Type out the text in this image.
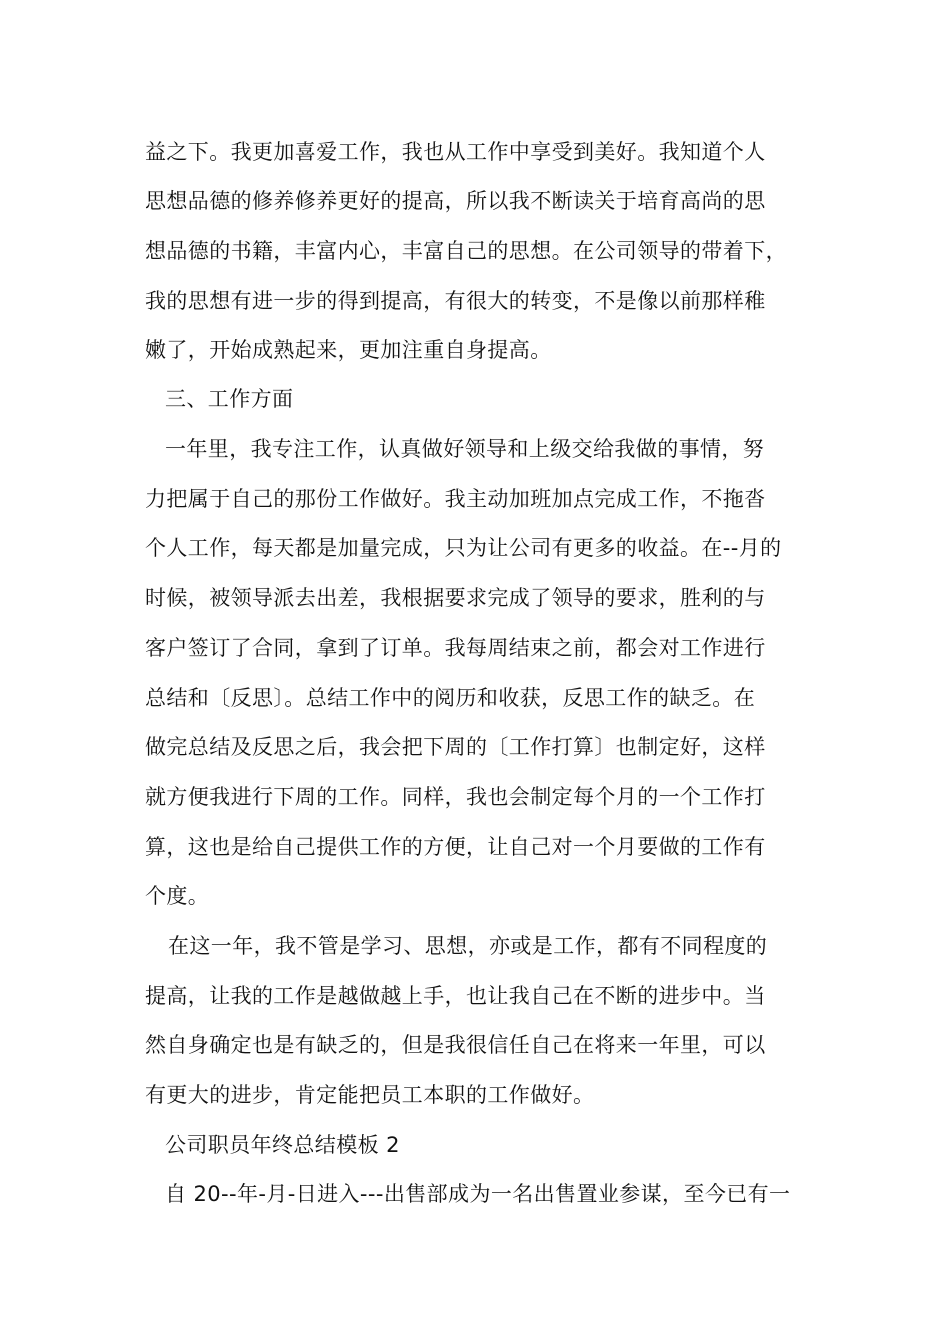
益之下。我更加喜爱工作，我也从工作中享受到美好。我知道个人
思想品德的修养修养更好的提高，所以我不断读关于培育高尚的思
想品德的书籍，丰富内心，丰富自己的思想。在公司领导的带着下，
我的思想有进一步的得到提高，有很大的转变，不是像以前那样稚
嫩了，开始成熟起来，更加注重自身提高。
三、工作方面
一年里，我专注工作，认真做好领导和上级交给我做的事情，努
力把属于自己的那份工作做好。我主动加班加点完成工作，不拖沓
个人工作，每天都是加量完成，只为让公司有更多的收益。在--月的
时候，被领导派去出差，我根据要求完成了领导的要求，胜利的与
客户签订了合同，拿到了订单。我每周结束之前，都会对工作进行
总结和〔反思〕。总结工作中的阅历和收获，反思工作的缺乏。在
做完总结及反思之后，我会把下周的〔工作打算〕也制定好，这样
就方便我进行下周的工作。同样，我也会制定每个月的一个工作打
算，这也是给自己提供工作的方便，让自己对一个月要做的工作有
个度。
在这一年，我不管是学习、思想，亦或是工作，都有不同程度的
提高，让我的工作是越做越上手，也让我自己在不断的进步中。当
然自身确定也是有缺乏的，但是我很信任自己在将来一年里，可以
有更大的进步，肯定能把员工本职的工作做好。
公司职员年终总结模板 2
自 20--年-月-日进入---出售部成为一名出售置业参谋，至今已有一
